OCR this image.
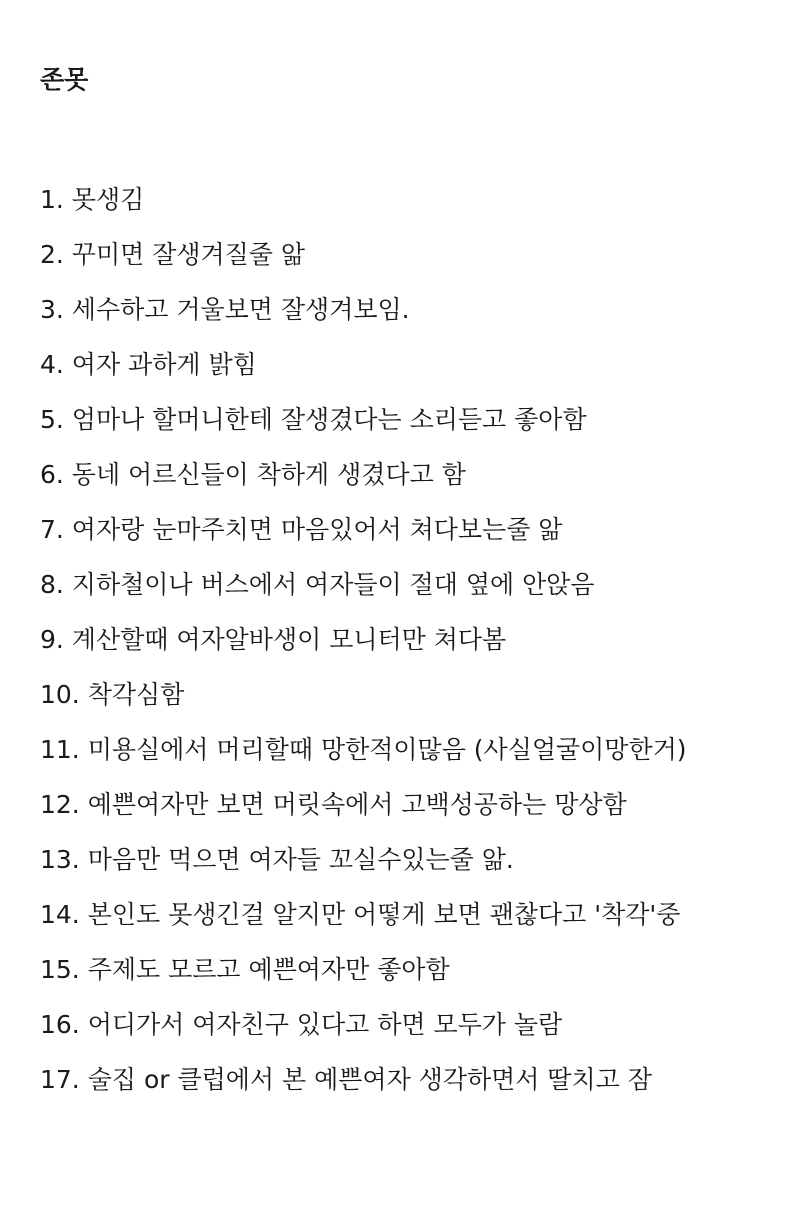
존못
1. 못생김
2. 꾸미면 잘생겨질줄 앎
3. 세수하고 거울보면 잘생겨보임.
4. 여자 과하게 밝힘
5. 엄마나 할머니한테 잘생겼다는 소리듣고 좋아함
6. 동네 어르신들이 착하게 생겼다고 함
7. 여자랑 눈마주치면 마음있어서 쳐다보는줄 앎
8. 지하철이나 버스에서 여자들이 절대 옆에 안앉음
9. 계산할때 여자알바생이 모니터만 쳐다봄
10. 착각심함
11. 미용실에서 머리할때 망한적이많음 (사실얼굴이망한거)
12. 예쁜여자만 보면 머릿속에서 고백성공하는 망상함
13. 마음만 먹으면 여자들 꼬실수있는줄 앎.
14. 본인도 못생긴걸 알지만 어떻게 보면 괜찮다고 '착각'중
15. 주제도 모르고 예쁜여자만 좋아함
16. 어디가서 여자친구 있다고 하면 모두가 놀람
17. 술집 or 클럽에서 본 예쁜여자 생각하면서 딸치고 잠
